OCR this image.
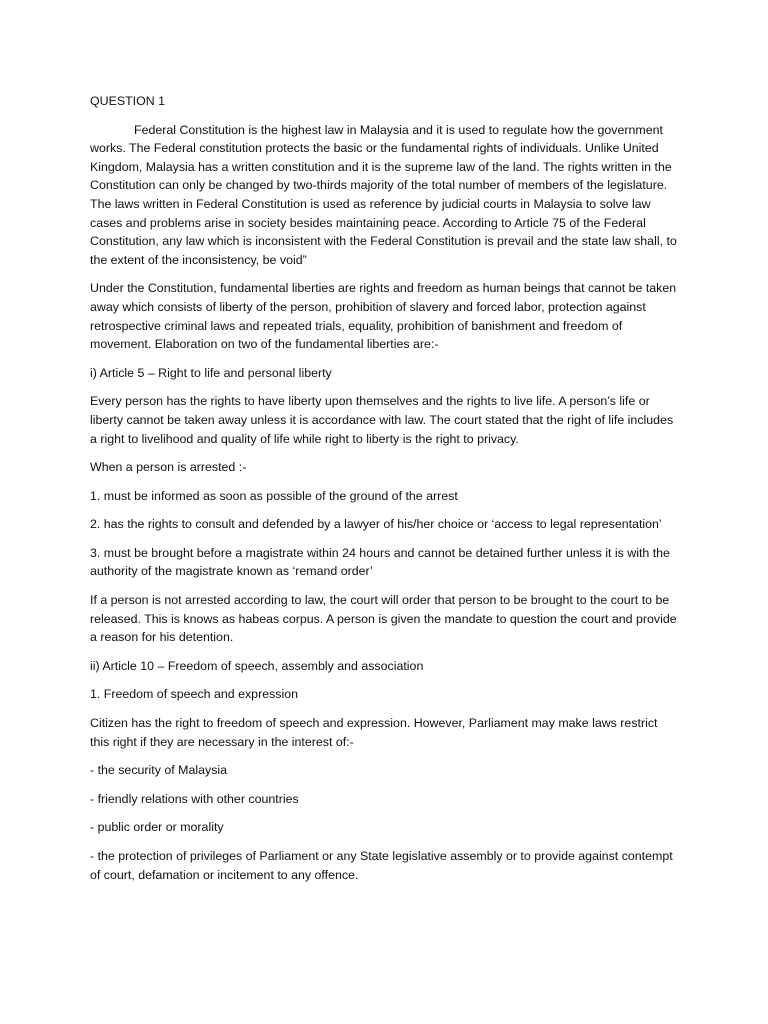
QUESTION 1

Federal Constitution is the highest law in Malaysia and it is used to regulate how the government works. The Federal constitution protects the basic or the fundamental rights of individuals. Unlike United Kingdom, Malaysia has a written constitution and it is the supreme law of the land. The rights written in the Constitution can only be changed by two-thirds majority of the total number of members of the legislature. The laws written in Federal Constitution is used as reference by judicial courts in Malaysia to solve law cases and problems arise in society besides maintaining peace. According to Article 75 of the Federal Constitution, any law which is inconsistent with the Federal Constitution is prevail and the state law shall, to the extent of the inconsistency, be void”

Under the Constitution, fundamental liberties are rights and freedom as human beings that cannot be taken away which consists of liberty of the person, prohibition of slavery and forced labor, protection against retrospective criminal laws and repeated trials, equality, prohibition of banishment and freedom of movement. Elaboration on two of the fundamental liberties are:-

i) Article 5 – Right to life and personal liberty

Every person has the rights to have liberty upon themselves and the rights to live life. A person’s life or liberty cannot be taken away unless it is accordance with law. The court stated that the right of life includes a right to livelihood and quality of life while right to liberty is the right to privacy.

When a person is arrested :-

1. must be informed as soon as possible of the ground of the arrest

2. has the rights to consult and defended by a lawyer of his/her choice or ‘access to legal representation’

3. must be brought before a magistrate within 24 hours and cannot be detained further unless it is with the authority of the magistrate known as ‘remand order’

If a person is not arrested according to law, the court will order that person to be brought to the court to be released. This is knows as habeas corpus. A person is given the mandate to question the court and provide a reason for his detention.

ii) Article 10 – Freedom of speech, assembly and association

1. Freedom of speech and expression

Citizen has the right to freedom of speech and expression. However, Parliament may make laws restrict this right if they are necessary in the interest of:-

- the security of Malaysia

- friendly relations with other countries

- public order or morality

- the protection of privileges of Parliament or any State legislative assembly or to provide against contempt of court, defamation or incitement to any offence.
